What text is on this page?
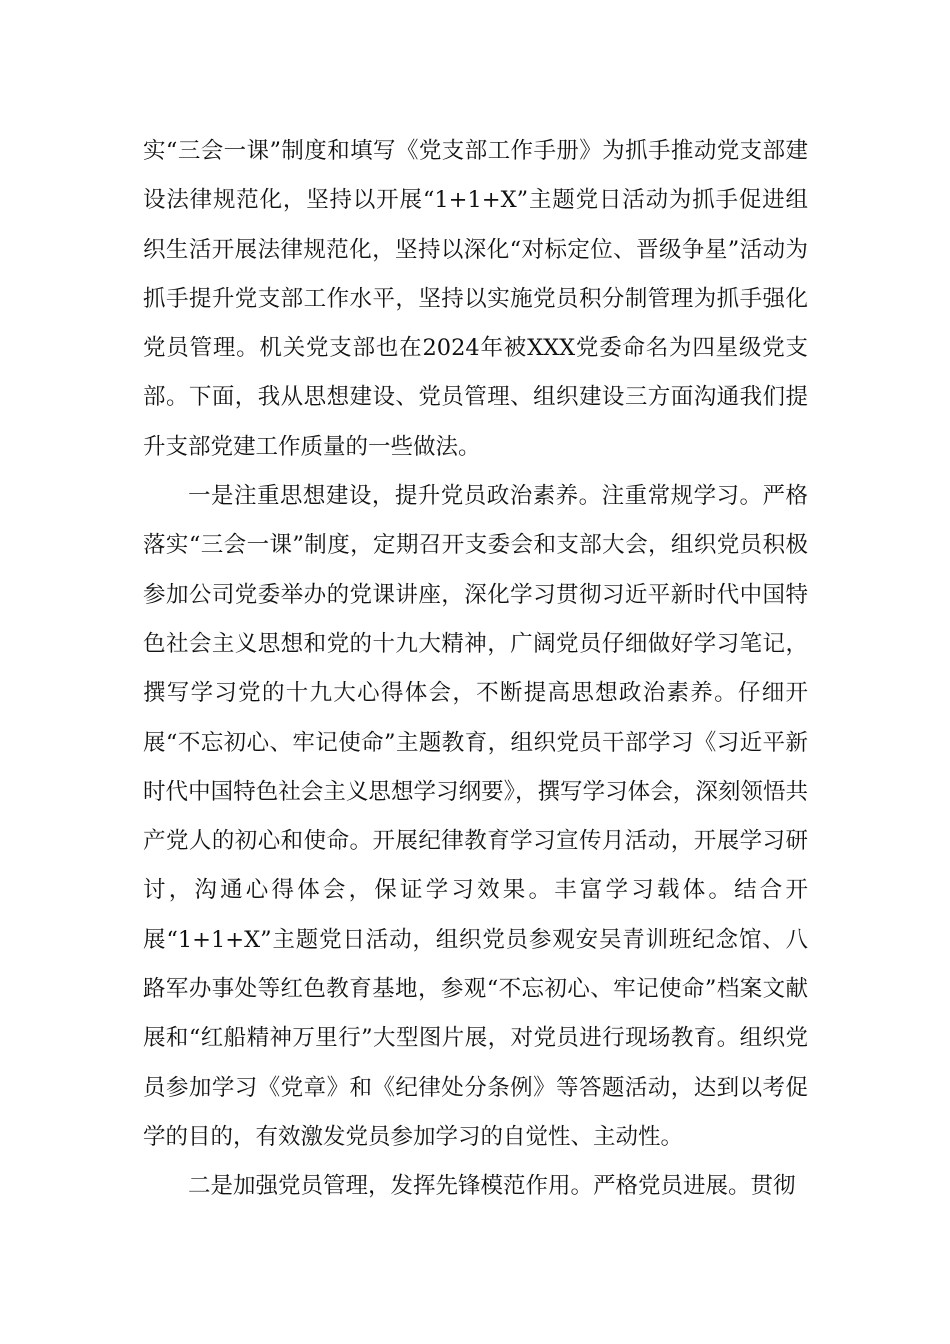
实“三会一课”制度和填写《党支部工作手册》为抓手推动党支部建设法律规范化，坚持以开展“1+1+X”主题党日活动为抓手促进组织生活开展法律规范化，坚持以深化“对标定位、晋级争星”活动为抓手提升党支部工作水平，坚持以实施党员积分制管理为抓手强化党员管理。机关党支部也在2024年被XXX党委命名为四星级党支部。下面，我从思想建设、党员管理、组织建设三方面沟通我们提升支部党建工作质量的一些做法。

一是注重思想建设，提升党员政治素养。注重常规学习。严格落实“三会一课”制度，定期召开支委会和支部大会，组织党员积极参加公司党委举办的党课讲座，深化学习贯彻习近平新时代中国特色社会主义思想和党的十九大精神，广阔党员仔细做好学习笔记，撰写学习党的十九大心得体会，不断提高思想政治素养。仔细开展“不忘初心、牢记使命”主题教育，组织党员干部学习《习近平新时代中国特色社会主义思想学习纲要》，撰写学习体会，深刻领悟共产党人的初心和使命。开展纪律教育学习宣传月活动，开展学习研讨，沟通心得体会，保证学习效果。丰富学习载体。结合开展“1+1+X”主题党日活动，组织党员参观安吴青训班纪念馆、八路军办事处等红色教育基地，参观“不忘初心、牢记使命”档案文献展和“红船精神万里行”大型图片展，对党员进行现场教育。组织党员参加学习《党章》和《纪律处分条例》等答题活动，达到以考促学的目的，有效激发党员参加学习的自觉性、主动性。

二是加强党员管理，发挥先锋模范作用。严格党员进展。贯彻
